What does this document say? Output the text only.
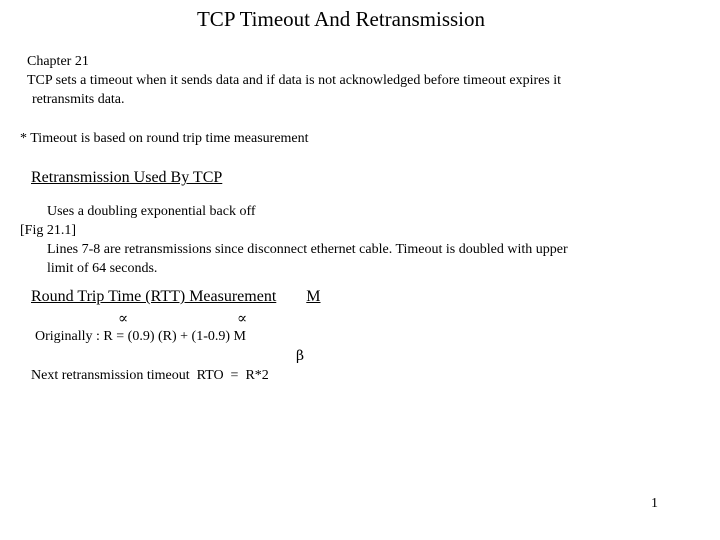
TCP Timeout And Retransmission
Chapter 21
TCP sets a timeout when it sends data and if data is not acknowledged before timeout expires it
retransmits data.
* Timeout is based on round trip time measurement
Retransmission Used By TCP
Uses a doubling exponential back off
[Fig 21.1]
Lines 7-8 are retransmissions since disconnect ethernet cable. Timeout is doubled with upper
limit of 64 seconds.
Round Trip Time (RTT) Measurement M
∝	∝
Originally : R = (0.9) (R) + (1-0.9) M
β
Next retransmission timeout  RTO  =  R*2
1
